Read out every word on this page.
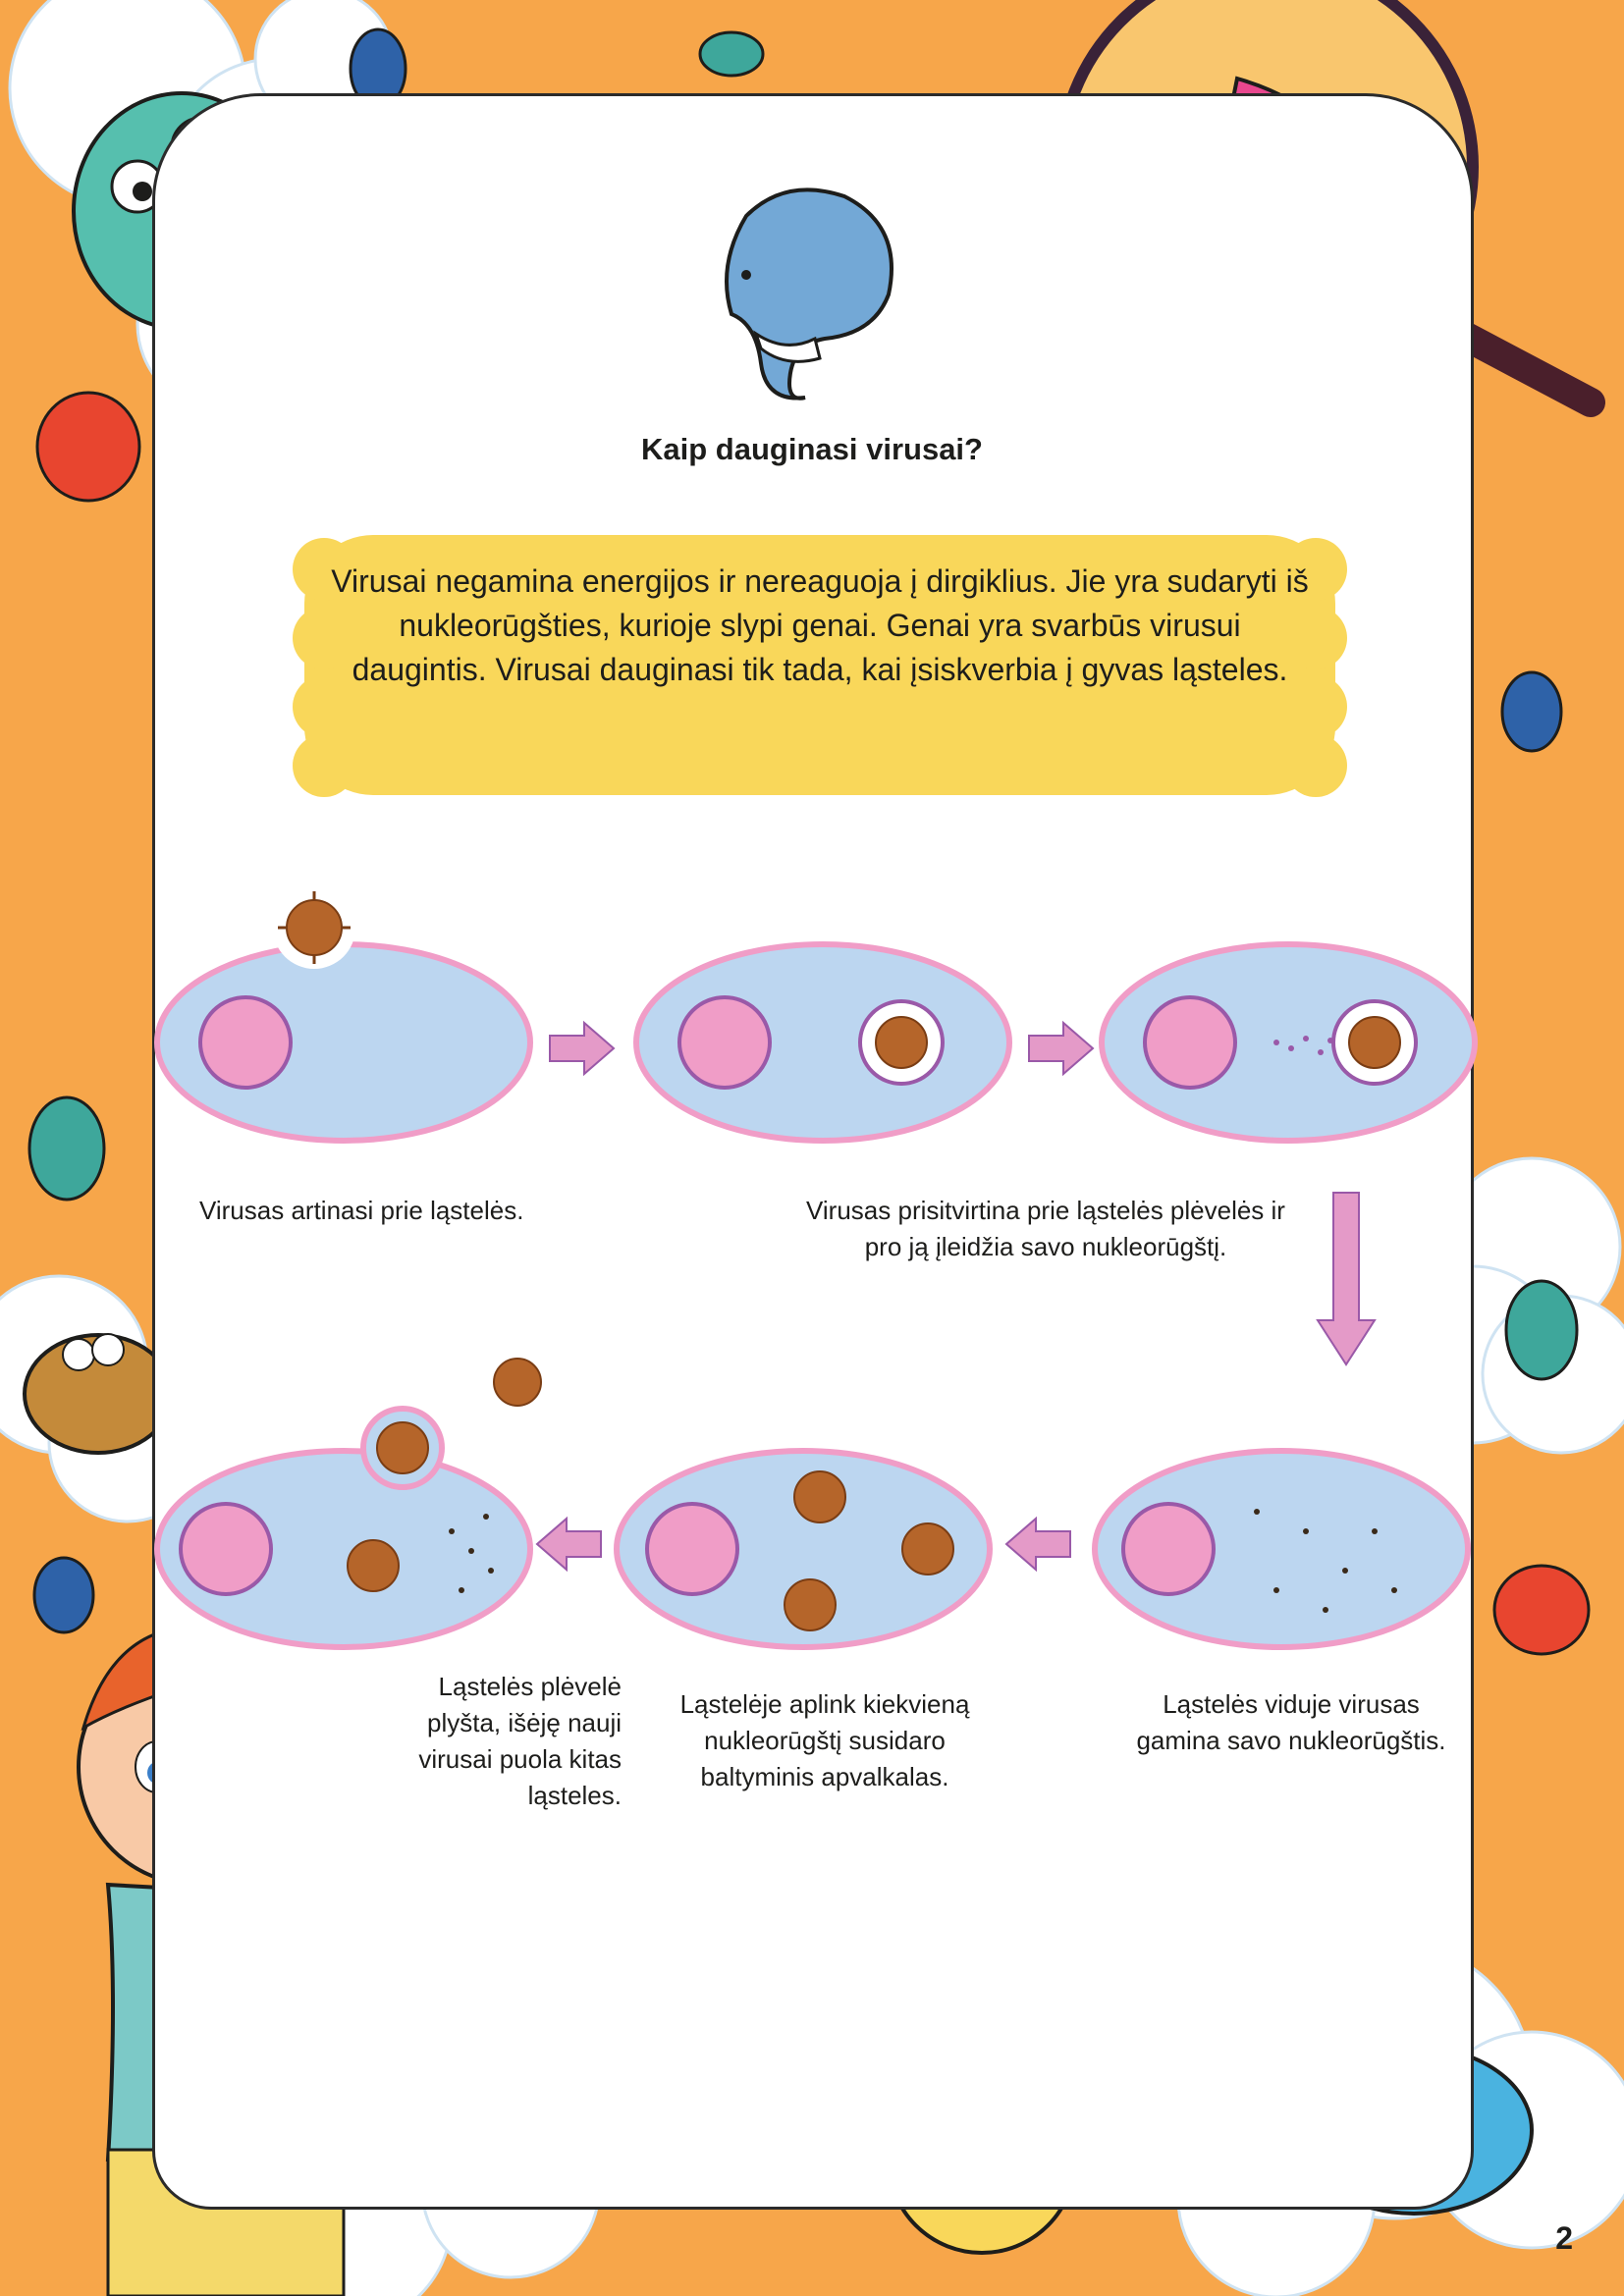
Kaip dauginasi virusai?
Virusai negamina energijos ir nereaguoja į dirgiklius. Jie yra sudaryti iš nukleorūgšties, kurioje slypi genai. Genai yra svarbūs virusui daugintis. Virusai dauginasi tik tada, kai įsiskverbia į gyvas ląsteles.
Virusas artinasi prie ląstelės.	Virusas prisitvirtina prie ląstelės plėvelės ir pro ją įleidžia savo nukleorūgštį.
Ląstelės viduje virusas gamina savo nukleorūgštis.
Ląstelėje aplink kiekvieną nukleorūgštį susidaro baltyminis apvalkalas.
Ląstelės plėvelė plyšta, išėję nauji virusai puola kitas ląsteles.
2
